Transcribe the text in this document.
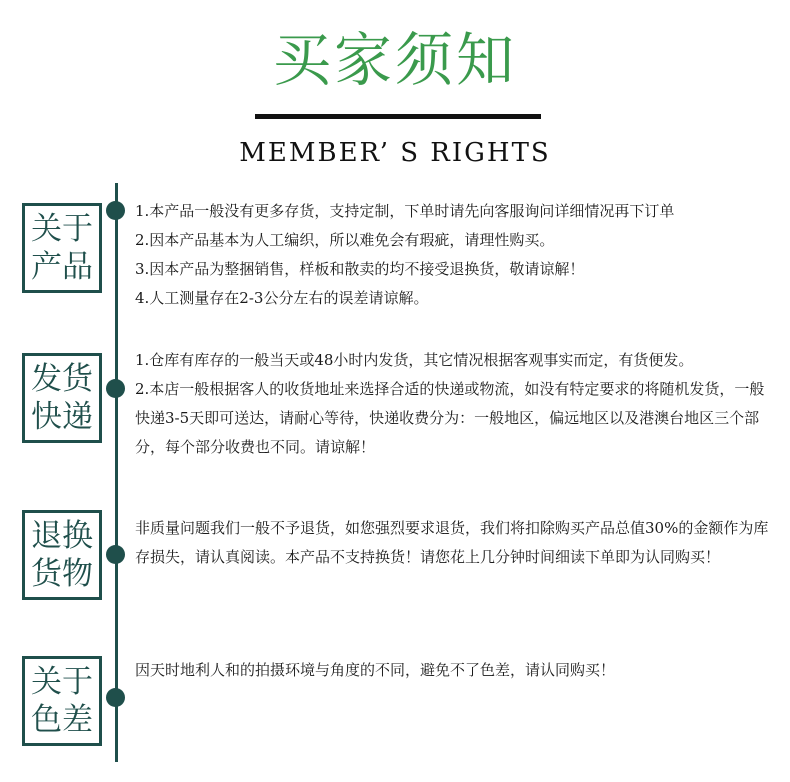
买家须知
MEMBER’ S RIGHTS
关于
产品

1.本产品一般没有更多存货，支持定制，下单时请先向客服询问详细情况再下订单

2.因本产品基本为人工编织，所以难免会有瑕疵，请理性购买。

3.因本产品为整捆销售，样板和散卖的均不接受退换货，敬请谅解！

4.人工测量存在2-3公分左右的误差请谅解。

发货
快递

1.仓库有库存的一般当天或48小时内发货，其它情况根据客观事实而定，有货便发。

2.本店一般根据客人的收货地址来选择合适的快递或物流，如没有特定要求的将随机发货，一般快递3-5天即可送达，请耐心等待，快递收费分为：一般地区，偏远地区以及港澳台地区三个部分，每个部分收费也不同。请谅解！

退换
货物

非质量问题我们一般不予退货，如您强烈要求退货，我们将扣除购买产品总值30%的金额作为库存损失，请认真阅读。本产品不支持换货！请您花上几分钟时间细读下单即为认同购买！

关于
色差

因天时地利人和的拍摄环境与角度的不同，避免不了色差，请认同购买！
